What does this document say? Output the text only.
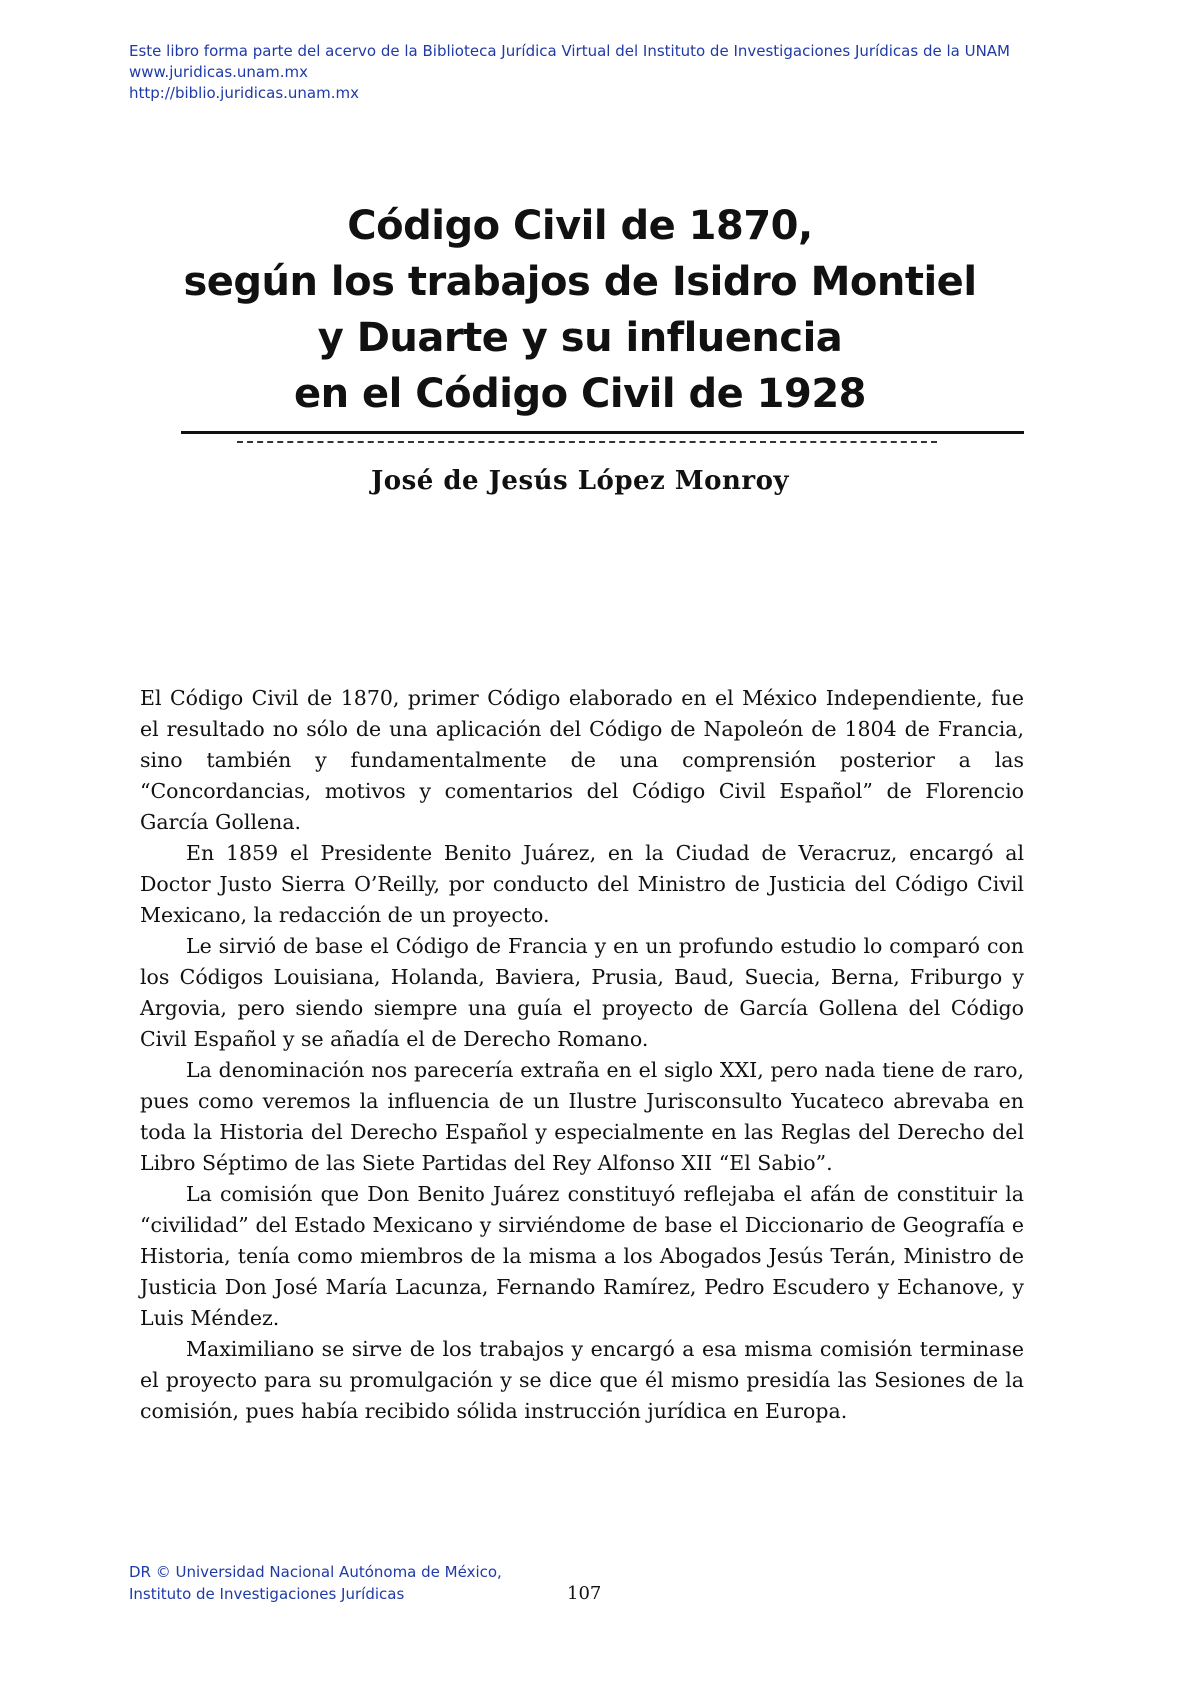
Este libro forma parte del acervo de la Biblioteca Jurídica Virtual del Instituto de Investigaciones Jurídicas de la UNAM
www.juridicas.unam.mx
http://biblio.juridicas.unam.mx
Código Civil de 1870,
según los trabajos de Isidro Montiel
y Duarte y su influencia
en el Código Civil de 1928
José de Jesús López Monroy

El Código Civil de 1870, primer Código elaborado en el México Independiente, fue el resultado no sólo de una aplicación del Código de Napoleón de 1804 de Francia, sino también y fundamentalmente de una comprensión posterior a las “Concordancias, motivos y comentarios del Código Civil Español” de Florencio García Gollena.

En 1859 el Presidente Benito Juárez, en la Ciudad de Veracruz, encargó al Doctor Justo Sierra O’Reilly, por conducto del Ministro de Justicia del Código Civil Mexicano, la redacción de un proyecto.

Le sirvió de base el Código de Francia y en un profundo estudio lo comparó con los Códigos Louisiana, Holanda, Baviera, Prusia, Baud, Suecia, Berna, Friburgo y Argovia, pero siendo siempre una guía el proyecto de García Gollena del Código Civil Español y se añadía el de Derecho Romano.

La denominación nos parecería extraña en el siglo XXI, pero nada tiene de raro, pues como veremos la influencia de un Ilustre Jurisconsulto Yucateco abrevaba en toda la Historia del Derecho Español y especialmente en las Reglas del Derecho del Libro Séptimo de las Siete Partidas del Rey Alfonso XII “El Sabio”.

La comisión que Don Benito Juárez constituyó reflejaba el afán de constituir la “civilidad” del Estado Mexicano y sirviéndome de base el Diccionario de Geografía e Historia, tenía como miembros de la misma a los Abogados Jesús Terán, Ministro de Justicia Don José María Lacunza, Fernando Ramírez, Pedro Escudero y Echanove, y Luis Méndez.

Maximiliano se sirve de los trabajos y encargó a esa misma comisión terminase el proyecto para su promulgación y se dice que él mismo presidía las Sesiones de la comisión, pues había recibido sólida instrucción jurídica en Europa.

DR © Universidad Nacional Autónoma de México,
Instituto de Investigaciones Jurídicas	107
